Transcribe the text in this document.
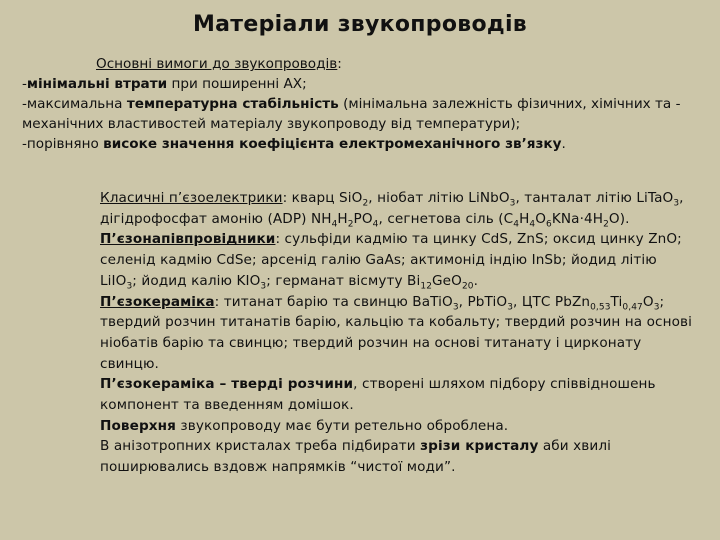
Матеріали звукопроводів

Основні вимоги до звукопроводів:

-мінімальні втрати при поширенні АХ;

-максимальна температурна стабільність (мінімальна залежність фізичних, хімічних та - механічних властивостей матеріалу звукопроводу від температури);

-порівняно високе значення коефіцієнта електромеханічного зв’язку.

Класичні п’єзоелектрики: кварц SiO$_2$, ніобат літію LiNbO$_3$, танталат літію LiTaO$_3$, дігідрофосфат амонію (ADP) $NH_4H_2PO_4$, сегнетова сіль $(C_4H_4O_6KNa\cdot 4H_2O)$.

П’єзонапівпровідники: сульфіди кадмію та цинку CdS, ZnS; оксид цинку ZnO; селенід кадмію CdSe; арсенід галію GaAs; актимонід індію InSb; йодид літію LiIO$_3$; йодид калію $KIO_3$; германат вісмуту $Bi_{12}GeO_{20}$.

П’єзокераміка: титанат барію та свинцю BaTiO$_3$, PbTiO$_3$, ЦТС $PbZn_{0,53}Ti_{0,47}O_3$; твердий розчин титанатів барію, кальцію та кобальту; твердий розчин на основі ніобатів барію та свинцю; твердий розчин на основі титанату і цирконату свинцю.

П’єзокераміка – тверді розчини, створені шляхом підбору співвідношень компонент та введенням домішок.

Поверхня звукопроводу має бути ретельно оброблена.

В анізотропних кристалах треба підбирати зрізи кристалу аби хвилі поширювались вздовж напрямків “чистої моди”.
